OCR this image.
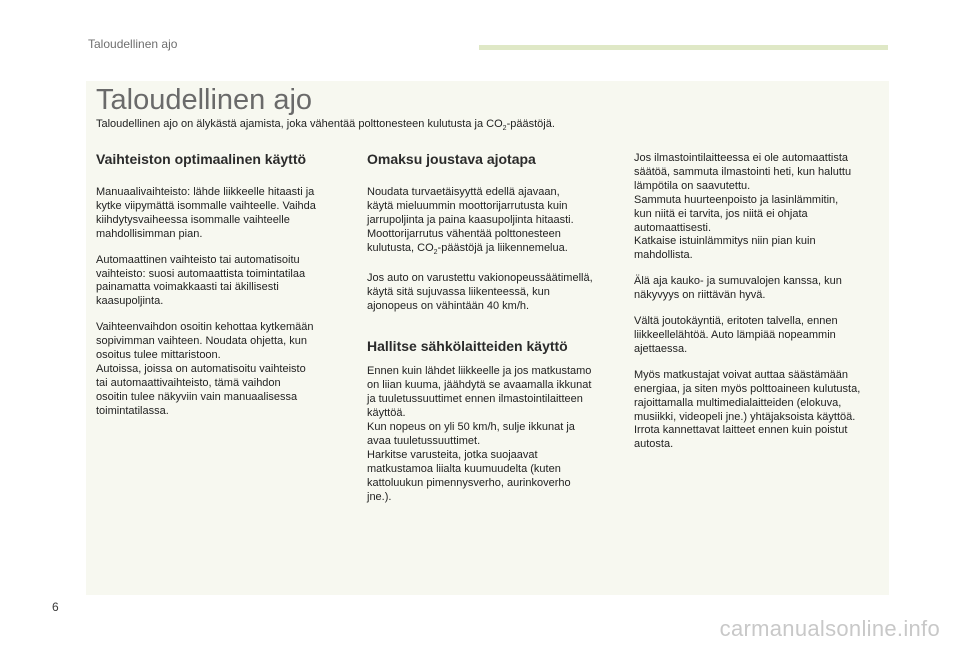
Taloudellinen ajo
Taloudellinen ajo
Taloudellinen ajo on älykästä ajamista, joka vähentää polttonesteen kulutusta ja $CO_2$-päästöjä.
Vaihteiston optimaalinen käyttö

Manuaalivaihteisto: lähde liikkeelle hitaasti ja
kytke viipymättä isommalle vaihteelle. Vaihda
kiihdytysvaiheessa isommalle vaihteelle
mahdollisimman pian.

Automaattinen vaihteisto tai automatisoitu
vaihteisto: suosi automaattista toimintatilaa
painamatta voimakkaasti tai äkillisesti
kaasupoljinta.

Vaihteenvaihdon osoitin kehottaa kytkemään
sopivimman vaihteen. Noudata ohjetta, kun
osoitus tulee mittaristoon.
Autoissa, joissa on automatisoitu vaihteisto
tai automaattivaihteisto, tämä vaihdon
osoitin tulee näkyviin vain manuaalisessa
toimintatilassa.

Omaksu joustava ajotapa

Noudata turvaetäisyyttä edellä ajavaan,
käytä mieluummin moottorijarrutusta kuin
jarrupoljinta ja paina kaasupoljinta hitaasti.
Moottorijarrutus vähentää polttonesteen
kulutusta, $CO_2$-päästöjä ja liikennemelua.

Jos auto on varustettu vakionopeussäätimellä,
käytä sitä sujuvassa liikenteessä, kun
ajonopeus on vähintään 40 km/h.

Hallitse sähkölaitteiden käyttö

Ennen kuin lähdet liikkeelle ja jos matkustamo
on liian kuuma, jäähdytä se avaamalla ikkunat
ja tuuletussuuttimet ennen ilmastointilaitteen
käyttöä.
Kun nopeus on yli 50 km/h, sulje ikkunat ja
avaa tuuletussuuttimet.
Harkitse varusteita, jotka suojaavat
matkustamoa liialta kuumuudelta (kuten
kattoluukun pimennysverho, aurinkoverho
jne.).

Jos ilmastointilaitteessa ei ole automaattista
säätöä, sammuta ilmastointi heti, kun haluttu
lämpötila on saavutettu.
Sammuta huurteenpoisto ja lasinlämmitin,
kun niitä ei tarvita, jos niitä ei ohjata
automaattisesti.
Katkaise istuinlämmitys niin pian kuin
mahdollista.

Älä aja kauko- ja sumuvalojen kanssa, kun
näkyvyys on riittävän hyvä.

Vältä joutokäyntiä, eritoten talvella, ennen
liikkeellelähtöä. Auto lämpiää nopeammin
ajettaessa.

Myös matkustajat voivat auttaa säästämään
energiaa, ja siten myös polttoaineen kulutusta,
rajoittamalla multimedialaitteiden (elokuva,
musiikki, videopeli jne.) yhtäjaksoista käyttöä.
Irrota kannettavat laitteet ennen kuin poistut
autosta.

6
carmanualsonline.info
